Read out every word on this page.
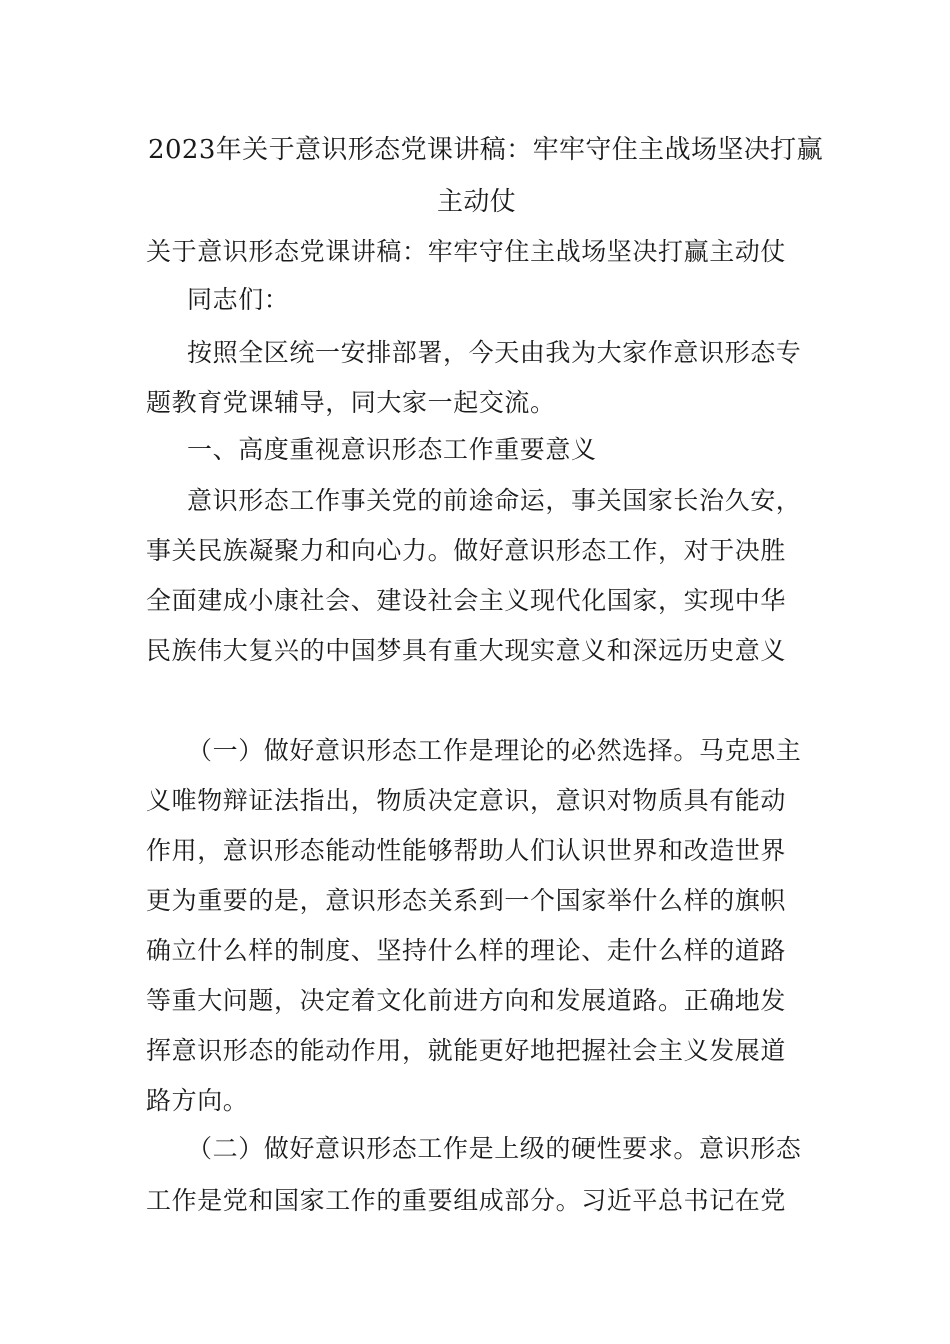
2023年关于意识形态党课讲稿：牢牢守住主战场坚决打赢
主动仗
关于意识形态党课讲稿：牢牢守住主战场坚决打赢主动仗
同志们：
按照全区统一安排部署，今天由我为大家作意识形态专
题教育党课辅导，同大家一起交流。
一、高度重视意识形态工作重要意义
意识形态工作事关党的前途命运，事关国家长治久安，
事关民族凝聚力和向心力。做好意识形态工作，对于决胜
全面建成小康社会、建设社会主义现代化国家，实现中华
民族伟大复兴的中国梦具有重大现实意义和深远历史意义
（一）做好意识形态工作是理论的必然选择。马克思主
义唯物辩证法指出，物质决定意识，意识对物质具有能动
作用，意识形态能动性能够帮助人们认识世界和改造世界
更为重要的是，意识形态关系到一个国家举什么样的旗帜
确立什么样的制度、坚持什么样的理论、走什么样的道路
等重大问题，决定着文化前进方向和发展道路。正确地发
挥意识形态的能动作用，就能更好地把握社会主义发展道
路方向。
（二）做好意识形态工作是上级的硬性要求。意识形态
工作是党和国家工作的重要组成部分。习近平总书记在党
